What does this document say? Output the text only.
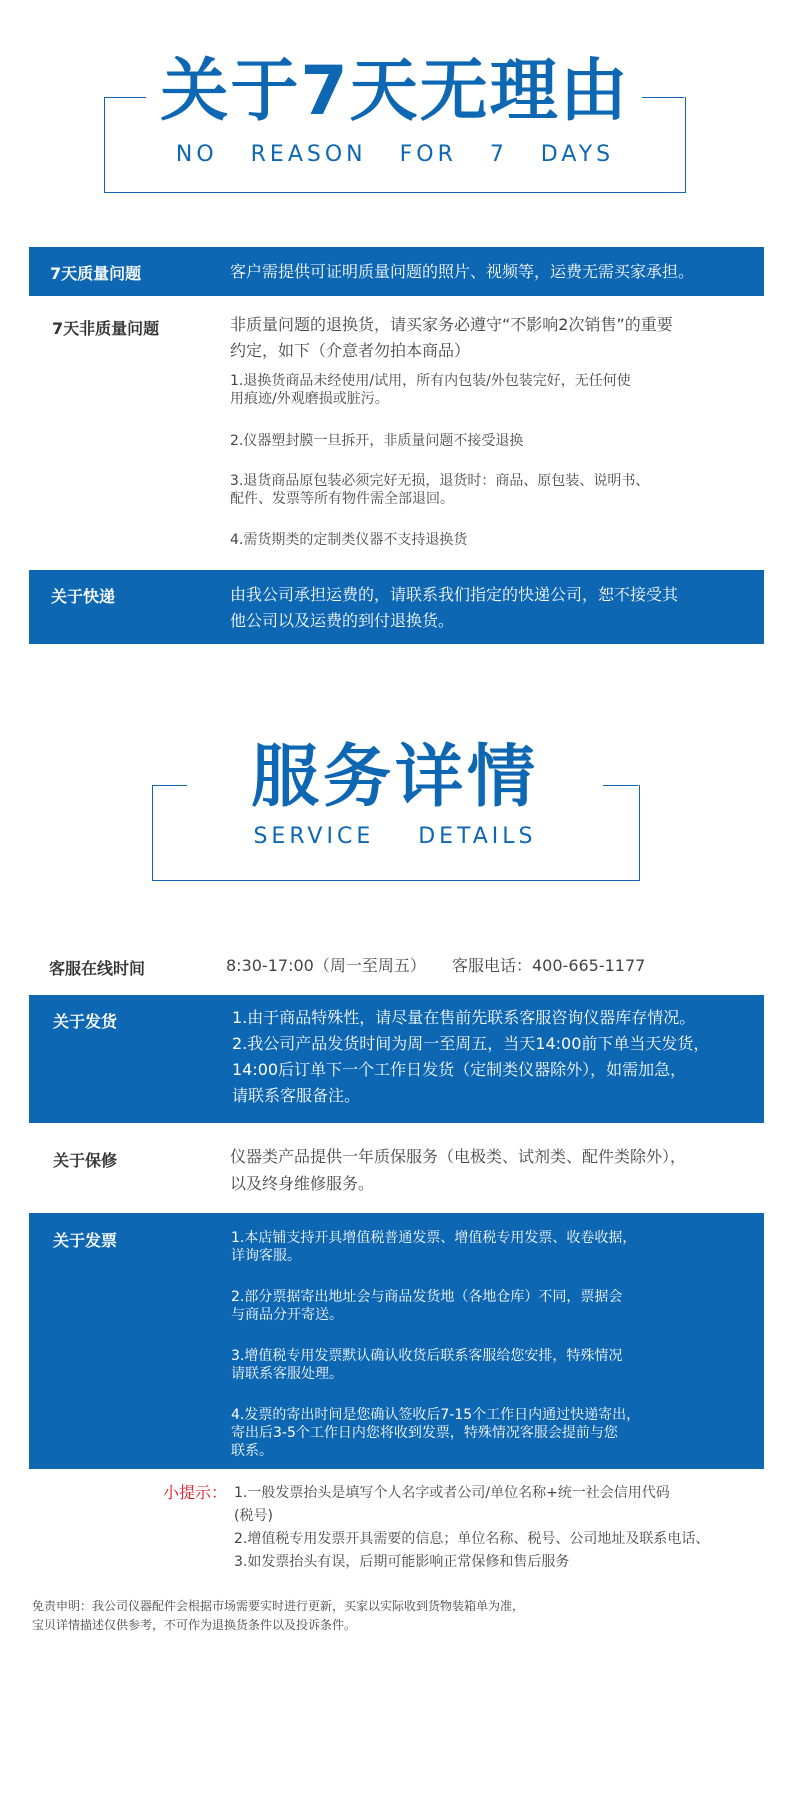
关于7天无理由
NO   REASON   FOR   7   DAYS
7天质量问题	客户需提供可证明质量问题的照片、视频等，运费无需买家承担。
7天非质量问题	非质量问题的退换货，请买家务必遵守“不影响2次销售”的重要
约定，如下（介意者勿拍本商品）
1.退换货商品未经使用/试用，所有内包装/外包装完好，无任何使
用痕迹/外观磨损或脏污。
2.仪器塑封膜一旦拆开，非质量问题不接受退换
3.退货商品原包装必须完好无损，退货时：商品、原包装、说明书、
配件、发票等所有物件需全部退回。
4.需货期类的定制类仪器不支持退换货
关于快递	由我公司承担运费的，请联系我们指定的快递公司，恕不接受其
他公司以及运费的到付退换货。
服务详情
SERVICE    DETAILS
客服在线时间	8:30-17:00（周一至周五） 客服电话：400-665-1177
关于发货	1.由于商品特殊性，请尽量在售前先联系客服咨询仪器库存情况。
2.我公司产品发货时间为周一至周五，当天14:00前下单当天发货，
14:00后订单下一个工作日发货（定制类仪器除外），如需加急，
请联系客服备注。
关于保修	仪器类产品提供一年质保服务（电极类、试剂类、配件类除外），
以及终身维修服务。
关于发票	1.本店铺支持开具增值税普通发票、增值税专用发票、收卷收据，
详询客服。
2.部分票据寄出地址会与商品发货地（各地仓库）不同，票据会
与商品分开寄送。
3.增值税专用发票默认确认收货后联系客服给您安排，特殊情况
请联系客服处理。
4.发票的寄出时间是您确认签收后7-15个工作日内通过快递寄出，
寄出后3-5个工作日内您将收到发票，特殊情况客服会提前与您
联系。
小提示： 1.一般发票抬头是填写个人名字或者公司/单位名称+统一社会信用代码
(税号)
2.增值税专用发票开具需要的信息；单位名称、税号、公司地址及联系电话、
3.如发票抬头有误，后期可能影响正常保修和售后服务
免责申明：我公司仪器配件会根据市场需要实时进行更新，买家以实际收到货物装箱单为准，
宝贝详情描述仅供参考，不可作为退换货条件以及投诉条件。
